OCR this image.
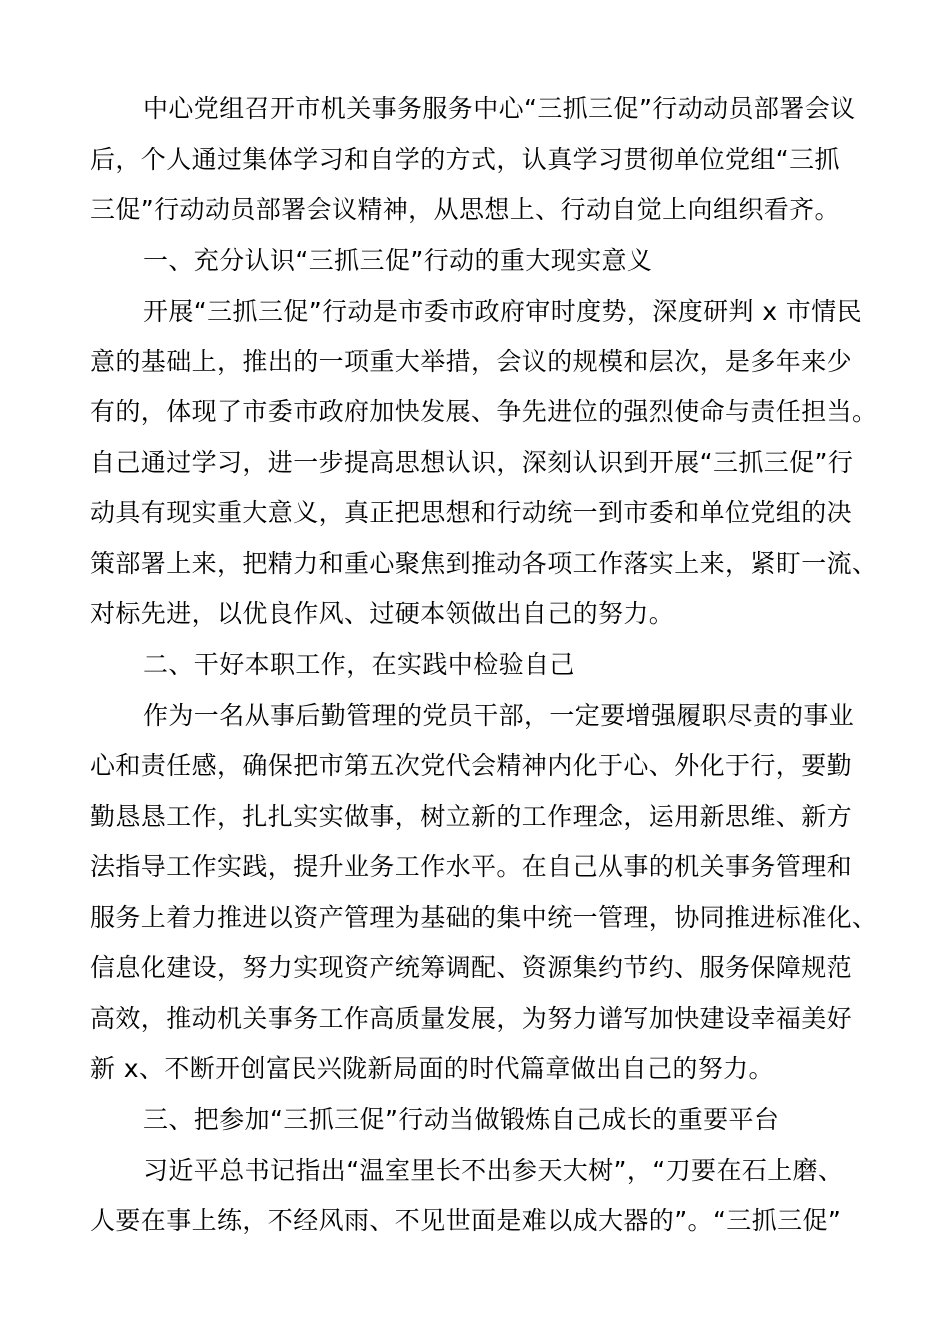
中心党组召开市机关事务服务中心“三抓三促”行动动员部署会议
后，个人通过集体学习和自学的方式，认真学习贯彻单位党组“三抓
三促”行动动员部署会议精神，从思想上、行动自觉上向组织看齐。
一、充分认识“三抓三促”行动的重大现实意义
开展“三抓三促”行动是市委市政府审时度势，深度研判 x 市情民
意的基础上，推出的一项重大举措，会议的规模和层次，是多年来少
有的，体现了市委市政府加快发展、争先进位的强烈使命与责任担当。
自己通过学习，进一步提高思想认识，深刻认识到开展“三抓三促”行
动具有现实重大意义，真正把思想和行动统一到市委和单位党组的决
策部署上来，把精力和重心聚焦到推动各项工作落实上来，紧盯一流、
对标先进，以优良作风、过硬本领做出自己的努力。
二、干好本职工作，在实践中检验自己
作为一名从事后勤管理的党员干部，一定要增强履职尽责的事业
心和责任感，确保把市第五次党代会精神内化于心、外化于行，要勤
勤恳恳工作，扎扎实实做事，树立新的工作理念，运用新思维、新方
法指导工作实践，提升业务工作水平。在自己从事的机关事务管理和
服务上着力推进以资产管理为基础的集中统一管理，协同推进标准化、
信息化建设，努力实现资产统筹调配、资源集约节约、服务保障规范
高效，推动机关事务工作高质量发展，为努力谱写加快建设幸福美好
新 x、不断开创富民兴陇新局面的时代篇章做出自己的努力。
三、把参加“三抓三促”行动当做锻炼自己成长的重要平台
习近平总书记指出“温室里长不出参天大树”，“刀要在石上磨、
人要在事上练，不经风雨、不见世面是难以成大器的”。“三抓三促”
